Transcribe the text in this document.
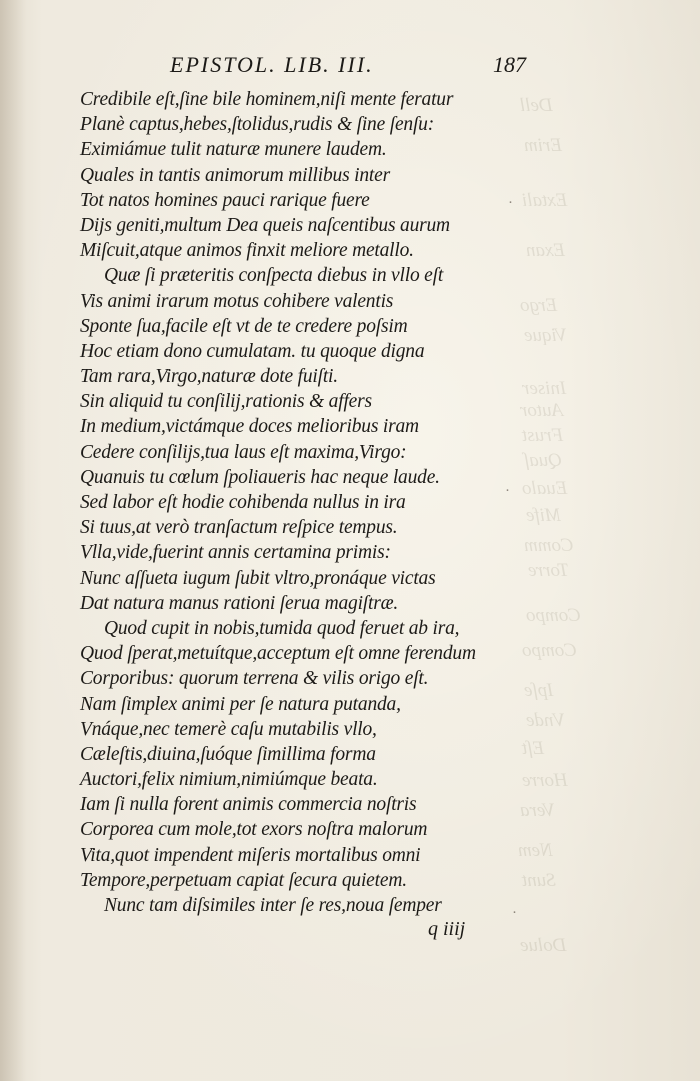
Dell
Erim
Extali
Exan
Ergo
Vique
Iniser
Autor
Frust
Quaſ
Eualo
Mife
Comm
Torre
Compo
Compo
Ipſe
Vnde
Eſt
Horre
Vera
Nem
Sunt
Dolue
EPISTOL. LIB. III.	187
Credibile eſt,ſine bile hominem,niſi mente feratur
Planè captus,hebes,ſtolidus,rudis & ſine ſenſu:
Eximiámue tulit naturæ munere laudem.
Quales in tantis animorum millibus inter
Tot natos homines pauci rarique fuere
Dijs geniti,multum Dea queis naſcentibus aurum
Miſcuit,atque animos finxit meliore metallo.
Quæ ſi præteritis conſpecta diebus in vllo eſt
Vis animi irarum motus cohibere valentis
Sponte ſua,facile eſt vt de te credere poſsim
Hoc etiam dono cumulatam. tu quoque digna
Tam rara,Virgo,naturæ dote fuiſti.
Sin aliquid tu conſilij,rationis & affers
In medium,victámque doces melioribus iram
Cedere conſilijs,tua laus eſt maxima,Virgo:
Quanuis tu cœlum ſpoliaueris hac neque laude.
Sed labor eſt hodie cohibenda nullus in ira
Si tuus,at verò tranſactum reſpice tempus.
Vlla,vide,fuerint annis certamina primis:
Nunc aſſueta iugum ſubit vltro,pronáque victas
Dat natura manus rationi ſerua magiſtræ.
Quod cupit in nobis,tumida quod feruet ab ira,
Quod ſperat,metuítque,acceptum eſt omne ferendum
Corporibus: quorum terrena & vilis origo eſt.
Nam ſimplex animi per ſe natura putanda,
Vnáque,nec temerè caſu mutabilis vllo,
Cæleſtis,diuina,ſuóque ſimillima forma
Auctori,felix nimium,nimiúmque beata.
Iam ſi nulla forent animis commercia noſtris
Corporea cum mole,tot exors noſtra malorum
Vita,quot impendent miſeris mortalibus omni
Tempore,perpetuam capiat ſecura quietem.
Nunc tam diſsimiles inter ſe res,noua ſemper
q iiij
·
·
·
